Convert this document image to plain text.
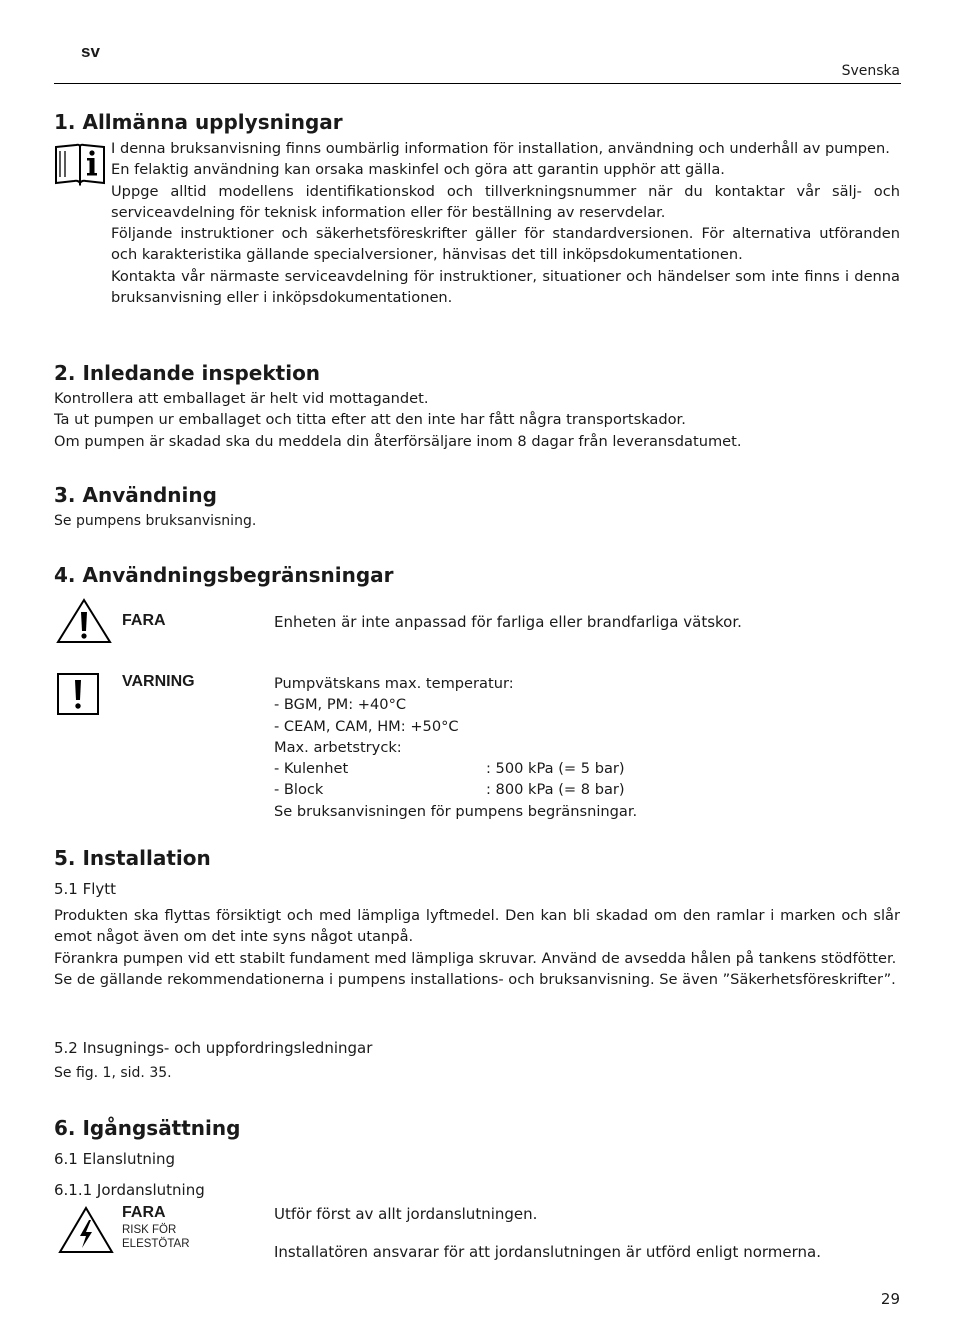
sv
Svenska
1. Allmänna upplysningar
I denna bruksanvisning finns oumbärlig information för installation, användning och underhåll av pumpen.
En felaktig användning kan orsaka maskinfel och göra att garantin upphör att gälla.
Uppge alltid modellens identifikationskod och tillverkningsnummer när du kontaktar vår sälj- och serviceavdelning för teknisk information eller för beställning av reservdelar.
Följande instruktioner och säkerhetsföreskrifter gäller för standardversionen. För alternativa utföranden och karakteristika gällande specialversioner, hänvisas det till inköpsdokumentationen.
Kontakta vår närmaste serviceavdelning för instruktioner, situationer och händelser som inte finns i denna bruksanvisning eller i inköpsdokumentationen.
2. Inledande inspektion
Kontrollera att emballaget är helt vid mottagandet.
Ta ut pumpen ur emballaget och titta efter att den inte har fått några transportskador.
Om pumpen är skadad ska du meddela din återförsäljare inom 8 dagar från leveransdatumet.
3. Användning
Se pumpens bruksanvisning.
4. Användningsbegränsningar
FARA	Enheten är inte anpassad för farliga eller brandfarliga vätskor.
VARNING	Pumpvätskans max. temperatur:
- BGM, PM: +40°C
- CEAM, CAM, HM: +50°C
Max. arbetstryck:
- Kulenhet	: 500 kPa (= 5 bar)
- Block	: 800 kPa (= 8 bar)
Se bruksanvisningen för pumpens begränsningar.
5. Installation
5.1 Flytt
Produkten ska flyttas försiktigt och med lämpliga lyftmedel. Den kan bli skadad om den ramlar i marken och slår emot något även om det inte syns något utanpå.
Förankra pumpen vid ett stabilt fundament med lämpliga skruvar. Använd de avsedda hålen på tankens stödfötter.
Se de gällande rekommendationerna i pumpens installations- och bruksanvisning. Se även ”Säkerhetsföreskrifter”.
5.2 Insugnings- och uppfordringsledningar
Se fig. 1, sid. 35.
6. Igångsättning
6.1 Elanslutning
6.1.1 Jordanslutning
FARA
RISK FÖR
ELESTÖTAR
Utför först av allt jordanslutningen.
Installatören ansvarar för att jordanslutningen är utförd enligt normerna.
29
